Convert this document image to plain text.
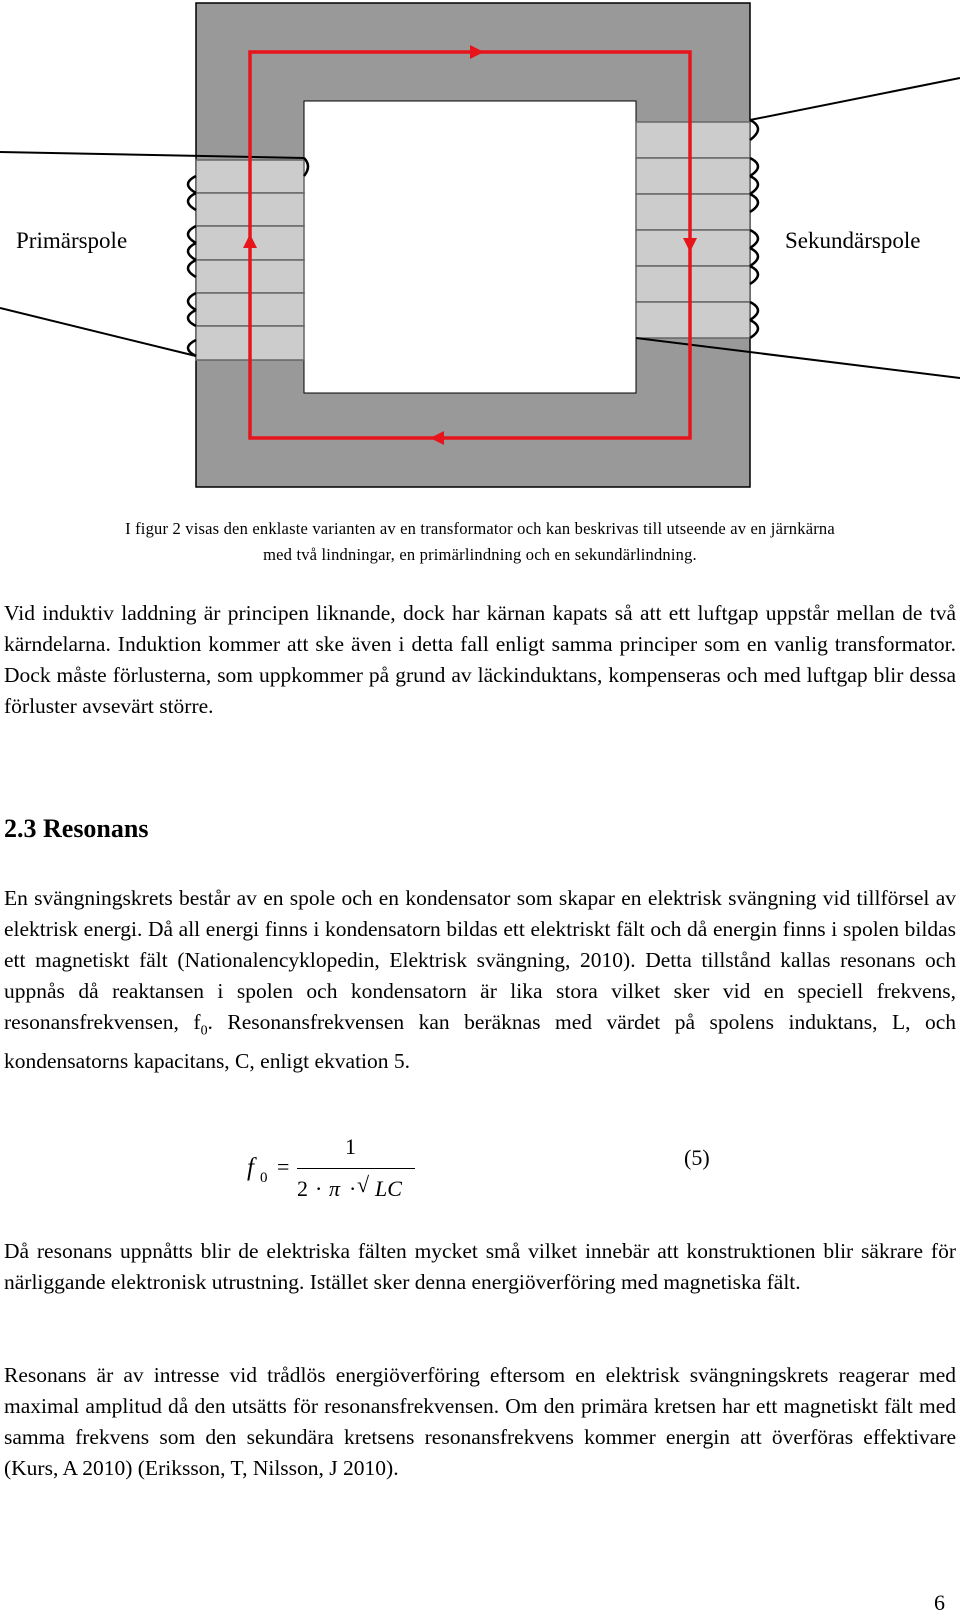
Primärspole	Sekundärspole
I figur 2 visas den enklaste varianten av en transformator och kan beskrivas till utseende av en järnkärna
med två lindningar, en primärlindning och en sekundärlindning.

Vid induktiv laddning är principen liknande, dock har kärnan kapats så att ett luftgap uppstår mellan de två kärndelarna. Induktion kommer att ske även i detta fall enligt samma principer som en vanlig transformator. Dock måste förlusterna, som uppkommer på grund av läckinduktans, kompenseras och med luftgap blir dessa förluster avsevärt större.

2.3 Resonans

En svängningskrets består av en spole och en kondensator som skapar en elektrisk svängning vid tillförsel av elektrisk energi. Då all energi finns i kondensatorn bildas ett elektriskt fält och då energin finns i spolen bildas ett magnetiskt fält (Nationalencyklopedin, Elektrisk svängning, 2010). Detta tillstånd kallas resonans och uppnås då reaktansen i spolen och kondensatorn är lika stora vilket sker vid en speciell frekvens, resonansfrekvensen, $f_0$. Resonansfrekvensen kan beräknas med värdet på spolens induktans, L, och kondensatorns kapacitans, C, enligt ekvation 5.

f 0 =
1
2 · π · √ LC
(5)

Då resonans uppnåtts blir de elektriska fälten mycket små vilket innebär att konstruktionen blir säkrare för närliggande elektronisk utrustning. Istället sker denna energiöverföring med magnetiska fält.

Resonans är av intresse vid trådlös energiöverföring eftersom en elektrisk svängningskrets reagerar med maximal amplitud då den utsätts för resonansfrekvensen. Om den primära kretsen har ett magnetiskt fält med samma frekvens som den sekundära kretsens resonansfrekvens kommer energin att överföras effektivare (Kurs, A 2010) (Eriksson, T, Nilsson, J 2010).

6
